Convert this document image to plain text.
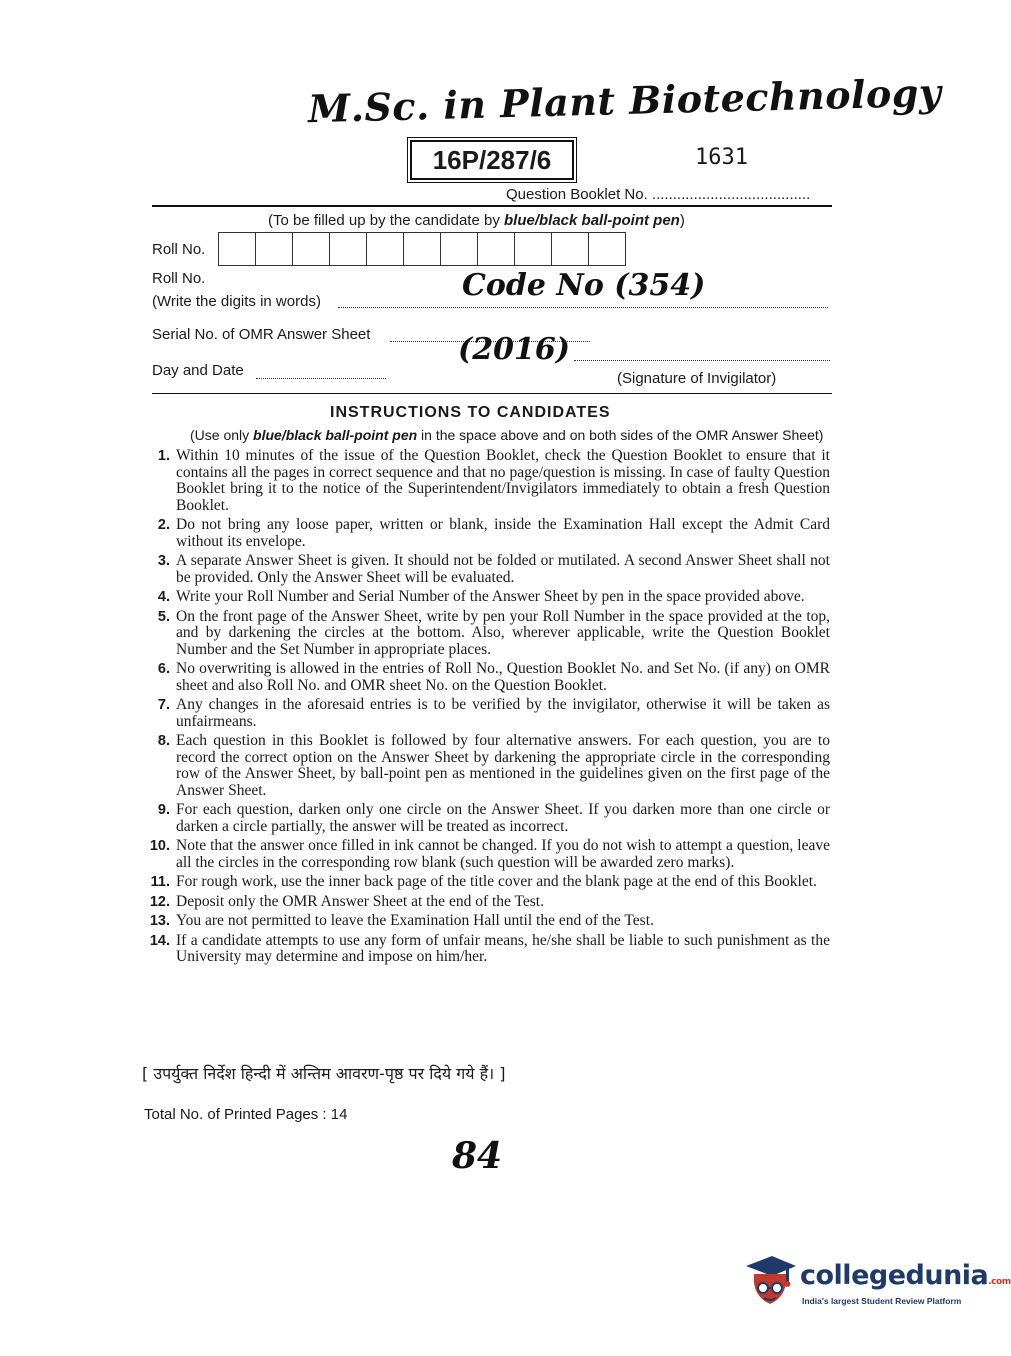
M.Sc. in Plant Biotechnology
16P/287/6	1631
Question Booklet No. ......................................
(To be filled up by the candidate by blue/black ball-point pen)
Roll No.
Roll No.
(Write the digits in words)	Code No (354)
Serial No. of OMR Answer Sheet	(2016)
Day and Date	(Signature of Invigilator)
INSTRUCTIONS TO CANDIDATES
(Use only blue/black ball-point pen in the space above and on both sides of the OMR Answer Sheet)
1. Within 10 minutes of the issue of the Question Booklet, check the Question Booklet to ensure that it contains all the pages in correct sequence and that no page/question is missing. In case of faulty Question Booklet bring it to the notice of the Superintendent/Invigilators immediately to obtain a fresh Question Booklet.
2. Do not bring any loose paper, written or blank, inside the Examination Hall except the Admit Card without its envelope.
3. A separate Answer Sheet is given. It should not be folded or mutilated. A second Answer Sheet shall not be provided. Only the Answer Sheet will be evaluated.
4. Write your Roll Number and Serial Number of the Answer Sheet by pen in the space provided above.
5. On the front page of the Answer Sheet, write by pen your Roll Number in the space provided at the top, and by darkening the circles at the bottom. Also, wherever applicable, write the Question Booklet Number and the Set Number in appropriate places.
6. No overwriting is allowed in the entries of Roll No., Question Booklet No. and Set No. (if any) on OMR sheet and also Roll No. and OMR sheet No. on the Question Booklet.
7. Any changes in the aforesaid entries is to be verified by the invigilator, otherwise it will be taken as unfairmeans.
8. Each question in this Booklet is followed by four alternative answers. For each question, you are to record the correct option on the Answer Sheet by darkening the appropriate circle in the corresponding row of the Answer Sheet, by ball-point pen as mentioned in the guidelines given on the first page of the Answer Sheet.
9. For each question, darken only one circle on the Answer Sheet. If you darken more than one circle or darken a circle partially, the answer will be treated as incorrect.
10. Note that the answer once filled in ink cannot be changed. If you do not wish to attempt a question, leave all the circles in the corresponding row blank (such question will be awarded zero marks).
11. For rough work, use the inner back page of the title cover and the blank page at the end of this Booklet.
12. Deposit only the OMR Answer Sheet at the end of the Test.
13. You are not permitted to leave the Examination Hall until the end of the Test.
14. If a candidate attempts to use any form of unfair means, he/she shall be liable to such punishment as the University may determine and impose on him/her.
[ उपर्युक्त निर्देश हिन्दी में अन्तिम आवरण-पृष्ठ पर दिये गये हैं। ]
Total No. of Printed Pages : 14
84
collegedunia.com
India's largest Student Review Platform
